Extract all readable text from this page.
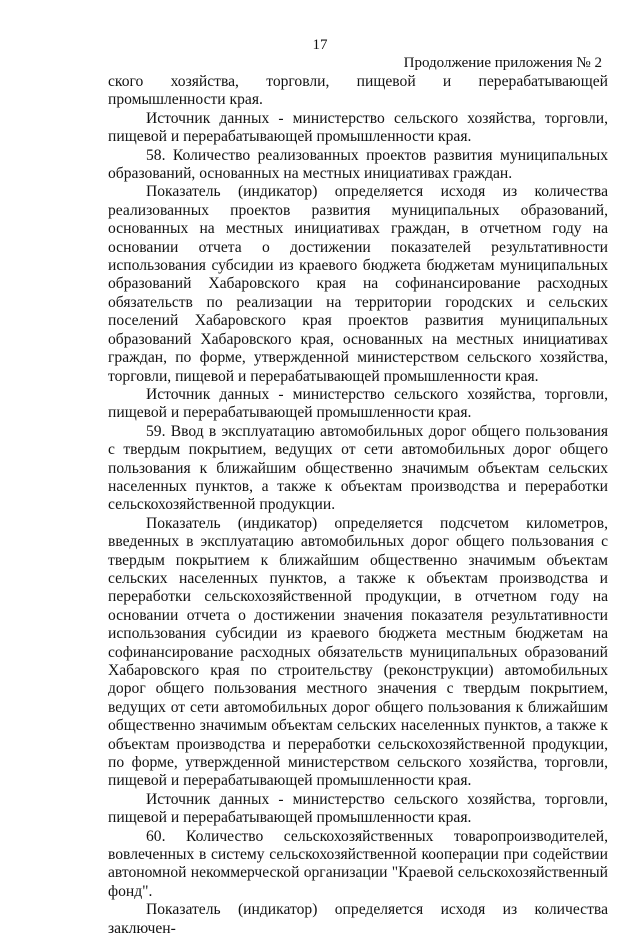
17
Продолжение приложения № 2

ского хозяйства, торговли, пищевой и перерабатывающей промышленности края.

Источник данных - министерство сельского хозяйства, торговли, пищевой и перерабатывающей промышленности края.

58. Количество реализованных проектов развития муниципальных образований, основанных на местных инициативах граждан.

Показатель (индикатор) определяется исходя из количества реализованных проектов развития муниципальных образований, основанных на местных инициативах граждан, в отчетном году на основании отчета о достижении показателей результативности использования субсидии из краевого бюджета бюджетам муниципальных образований Хабаровского края на софинансирование расходных обязательств по реализации на территории городских и сельских поселений Хабаровского края проектов развития муниципальных образований Хабаровского края, основанных на местных инициативах граждан, по форме, утвержденной министерством сельского хозяйства, торговли, пищевой и перерабатывающей промышленности края.

Источник данных - министерство сельского хозяйства, торговли, пищевой и перерабатывающей промышленности края.

59. Ввод в эксплуатацию автомобильных дорог общего пользования с твердым покрытием, ведущих от сети автомобильных дорог общего пользования к ближайшим общественно значимым объектам сельских населенных пунктов, а также к объектам производства и переработки сельскохозяйственной продукции.

Показатель (индикатор) определяется подсчетом километров, введенных в эксплуатацию автомобильных дорог общего пользования с твердым покрытием к ближайшим общественно значимым объектам сельских населенных пунктов, а также к объектам производства и переработки сельскохозяйственной продукции, в отчетном году на основании отчета о достижении значения показателя результативности использования субсидии из краевого бюджета местным бюджетам на софинансирование расходных обязательств муниципальных образований Хабаровского края по строительству (реконструкции) автомобильных дорог общего пользования местного значения с твердым покрытием, ведущих от сети автомобильных дорог общего пользования к ближайшим общественно значимым объектам сельских населенных пунктов, а также к объектам производства и переработки сельскохозяйственной продукции, по форме, утвержденной министерством сельского хозяйства, торговли, пищевой и перерабатывающей промышленности края.

Источник данных - министерство сельского хозяйства, торговли, пищевой и перерабатывающей промышленности края.

60. Количество сельскохозяйственных товаропроизводителей, вовлеченных в систему сельскохозяйственной кооперации при содействии автономной некоммерческой организации "Краевой сельскохозяйственный фонд".

Показатель (индикатор) определяется исходя из количества заключен-
